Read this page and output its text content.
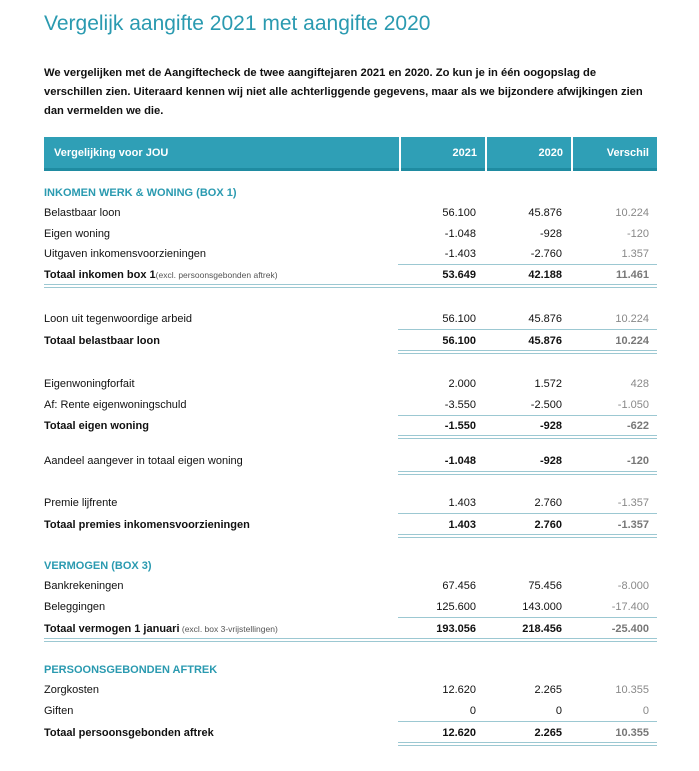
Vergelijk aangifte 2021 met aangifte 2020

We vergelijken met de Aangiftecheck de twee aangiftejaren 2021 en 2020. Zo kun je in één oogopslag de verschillen zien. Uiteraard kennen wij niet alle achterliggende gegevens, maar als we bijzondere afwijkingen zien dan vermelden we die.

Vergelijking voor JOU	2021	2020	Verschil
INKOMEN WERK & WONING (BOX 1)
Belastbaar loon	56.100	45.876	10.224
Eigen woning	-1.048	-928	-120
Uitgaven inkomensvoorzieningen	-1.403	-2.760	1.357
Totaal inkomen box 1(excl. persoonsgebonden aftrek)	53.649	42.188	11.461
Loon uit tegenwoordige arbeid	56.100	45.876	10.224
Totaal belastbaar loon	56.100	45.876	10.224
Eigenwoningforfait	2.000	1.572	428
Af: Rente eigenwoningschuld	-3.550	-2.500	-1.050
Totaal eigen woning	-1.550	-928	-622
Aandeel aangever in totaal eigen woning	-1.048	-928	-120
Premie lijfrente	1.403	2.760	-1.357
Totaal premies inkomensvoorzieningen	1.403	2.760	-1.357
VERMOGEN (BOX 3)
Bankrekeningen	67.456	75.456	-8.000
Beleggingen	125.600	143.000	-17.400
Totaal vermogen 1 januari (excl. box 3-vrijstellingen)	193.056	218.456	-25.400
PERSOONSGEBONDEN AFTREK
Zorgkosten	12.620	2.265	10.355
Giften	0	0	0
Totaal persoonsgebonden aftrek	12.620	2.265	10.355
